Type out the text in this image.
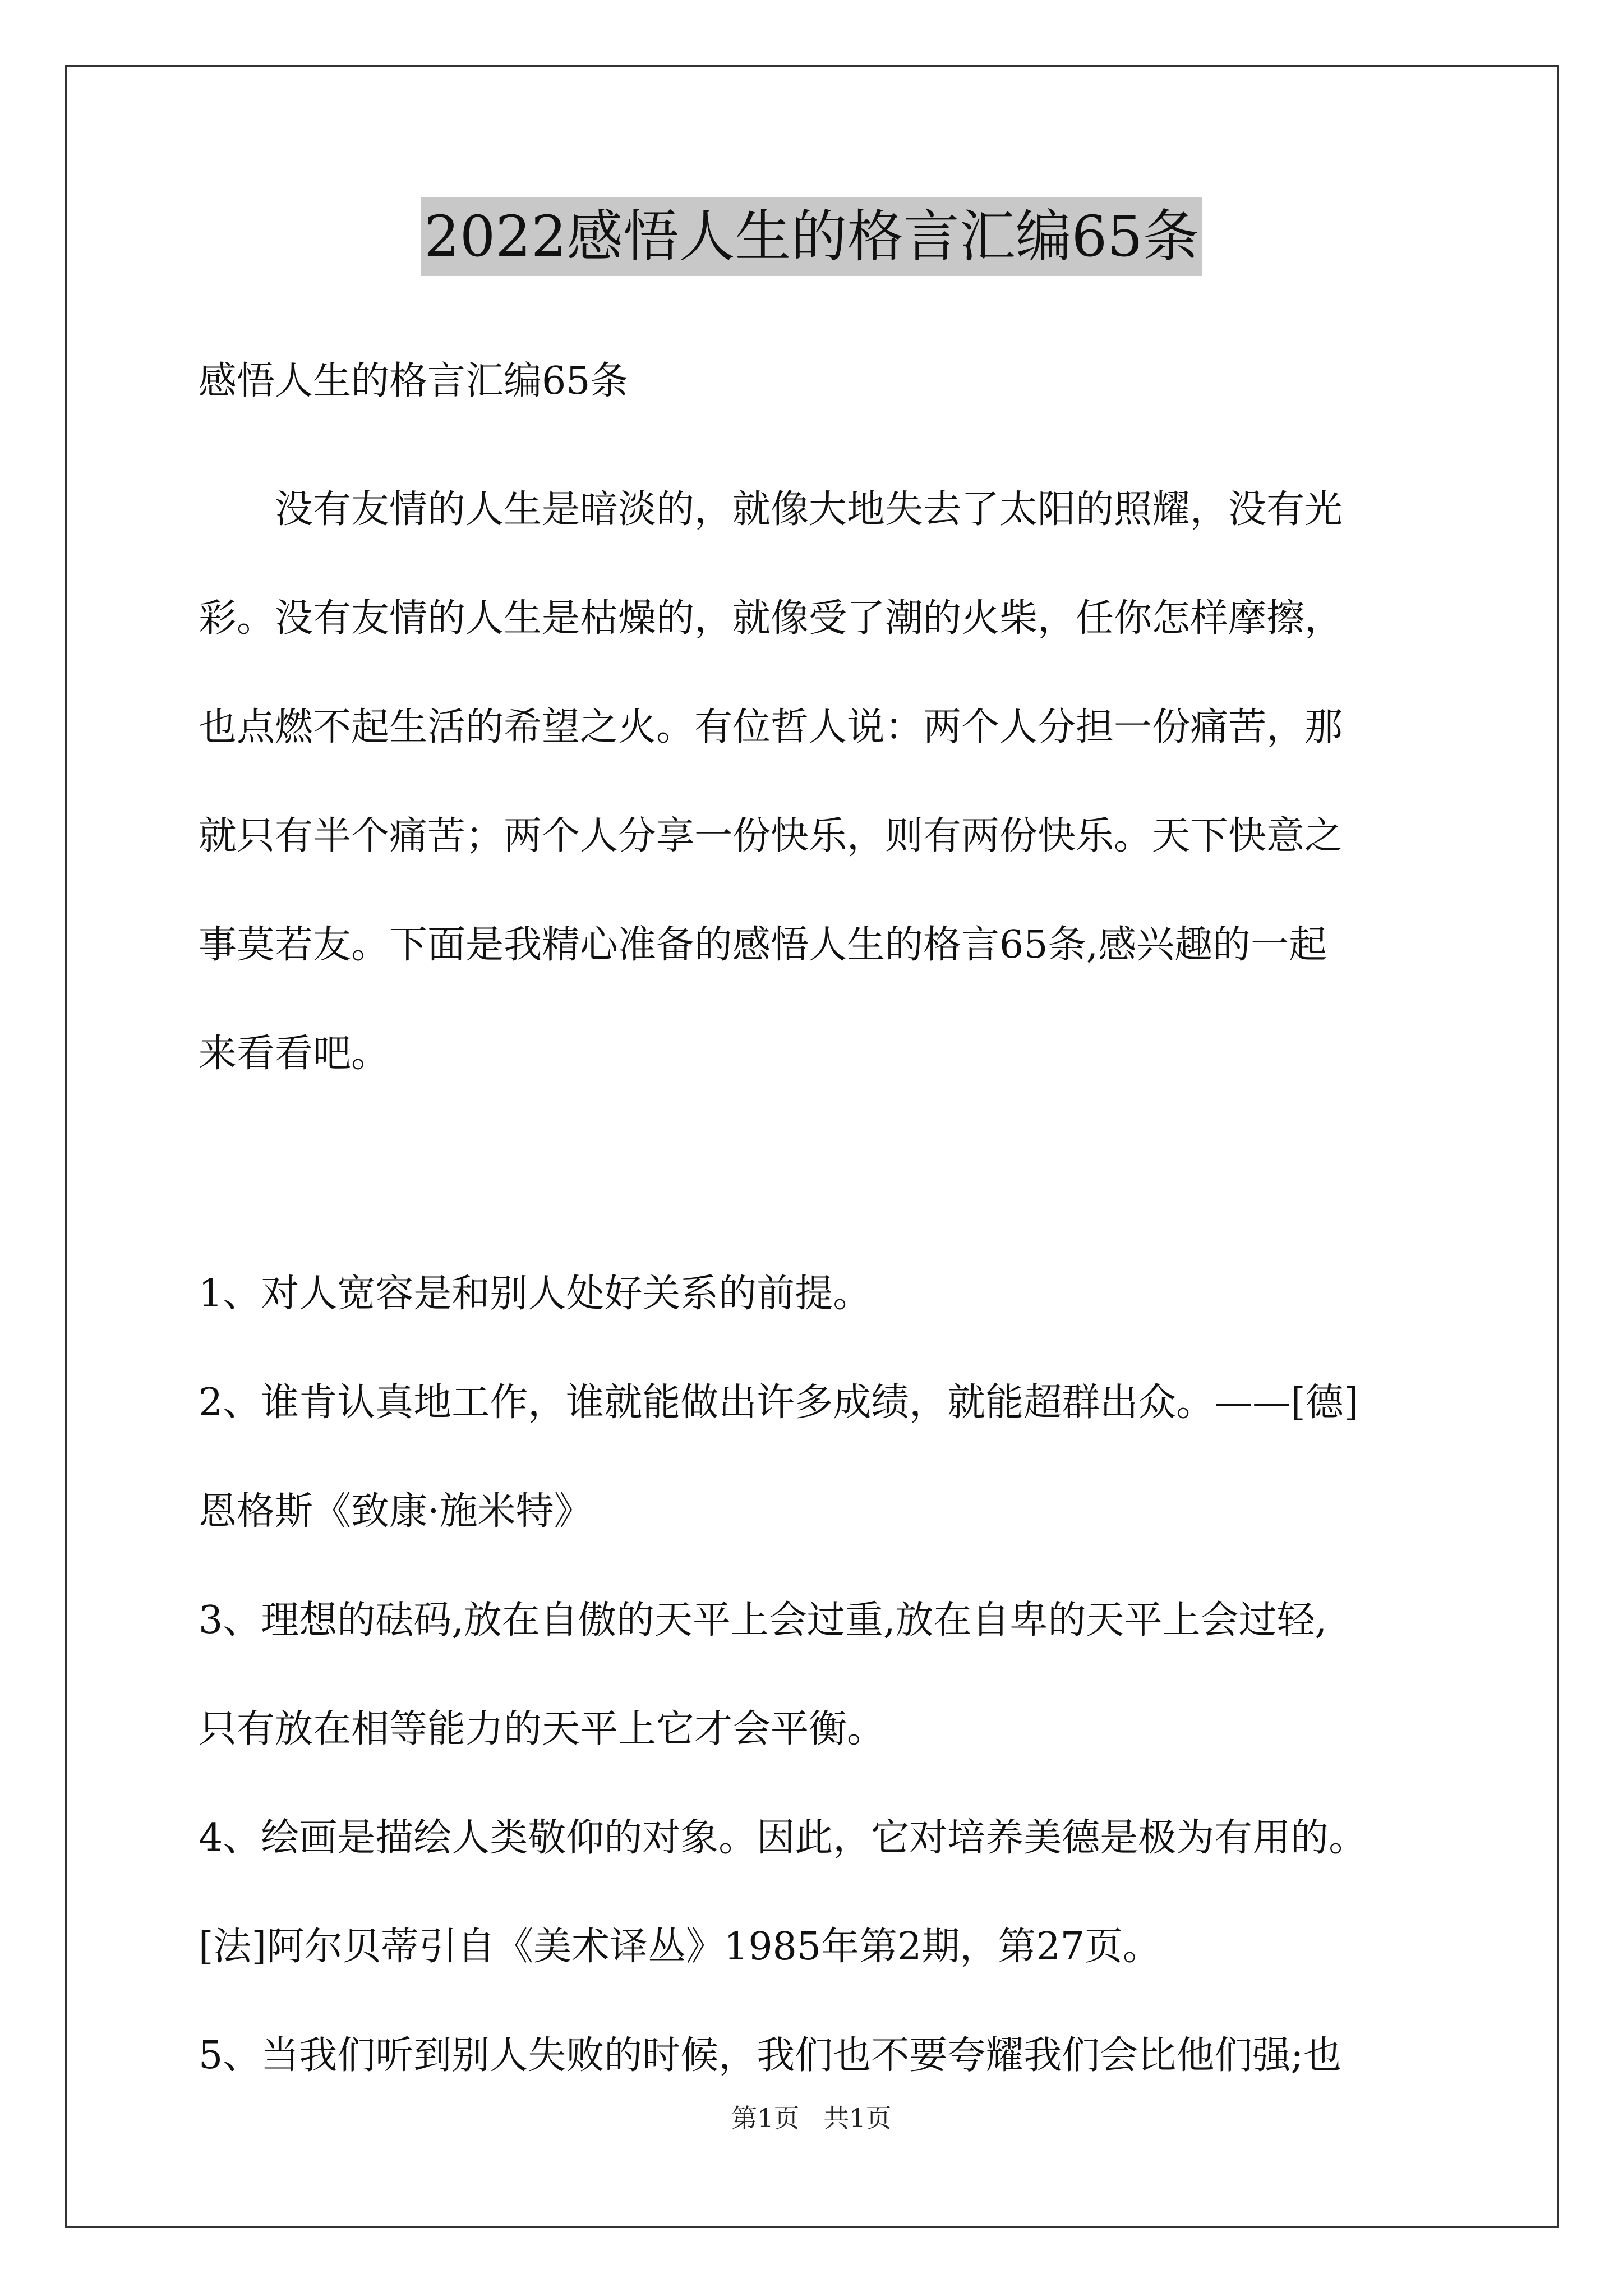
2022感悟人生的格言汇编65条

感悟人生的格言汇编65条

没有友情的人生是暗淡的，就像大地失去了太阳的照耀，没有光

彩。没有友情的人生是枯燥的，就像受了潮的火柴，任你怎样摩擦，

也点燃不起生活的希望之火。有位哲人说：两个人分担一份痛苦，那

就只有半个痛苦；两个人分享一份快乐，则有两份快乐。天下快意之

事莫若友。下面是我精心准备的感悟人生的格言65条,感兴趣的一起

来看看吧。

1、对人宽容是和别人处好关系的前提。

2、谁肯认真地工作，谁就能做出许多成绩，就能超群出众。——[德]

恩格斯《致康·施米特》

3、理想的砝码,放在自傲的天平上会过重,放在自卑的天平上会过轻,

只有放在相等能力的天平上它才会平衡。

4、绘画是描绘人类敬仰的对象。因此，它对培养美德是极为有用的。

[法]阿尔贝蒂引自《美术译丛》1985年第2期，第27页。

5、当我们听到别人失败的时候，我们也不要夸耀我们会比他们强;也

第1页 共1页
